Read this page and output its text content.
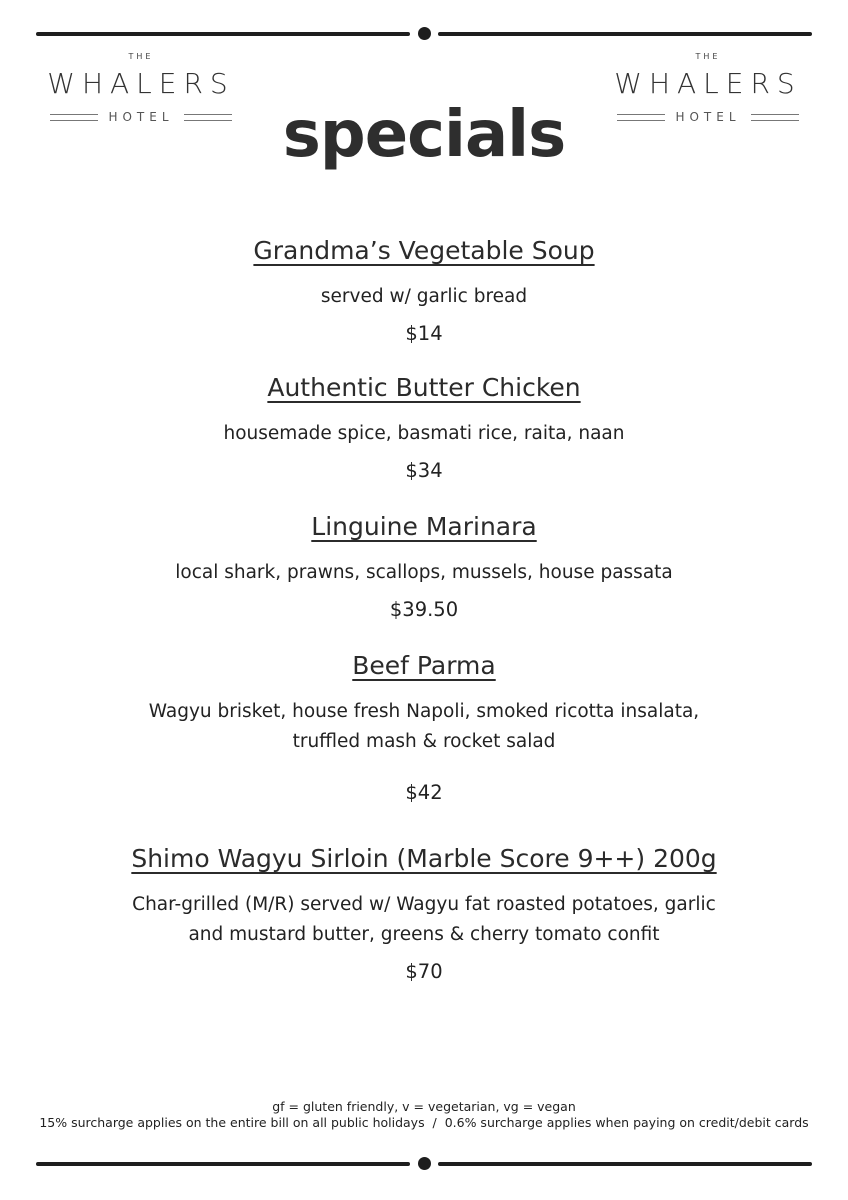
THE
WHALERS
HOTEL
THE
WHALERS
HOTEL
specials
Grandma’s Vegetable Soup
served w/ garlic bread
$14
Authentic Butter Chicken
housemade spice, basmati rice, raita, naan
$34
Linguine Marinara
local shark, prawns, scallops, mussels, house passata
$39.50
Beef Parma
Wagyu brisket, house fresh Napoli, smoked ricotta insalata,
truffled mash & rocket salad
$42
Shimo Wagyu Sirloin (Marble Score 9++) 200g
Char-grilled (M/R) served w/ Wagyu fat roasted potatoes, garlic
and mustard butter, greens & cherry tomato confit
$70
gf = gluten friendly, v = vegetarian, vg = vegan
15% surcharge applies on the entire bill on all public holidays  /  0.6% surcharge applies when paying on credit/debit cards
